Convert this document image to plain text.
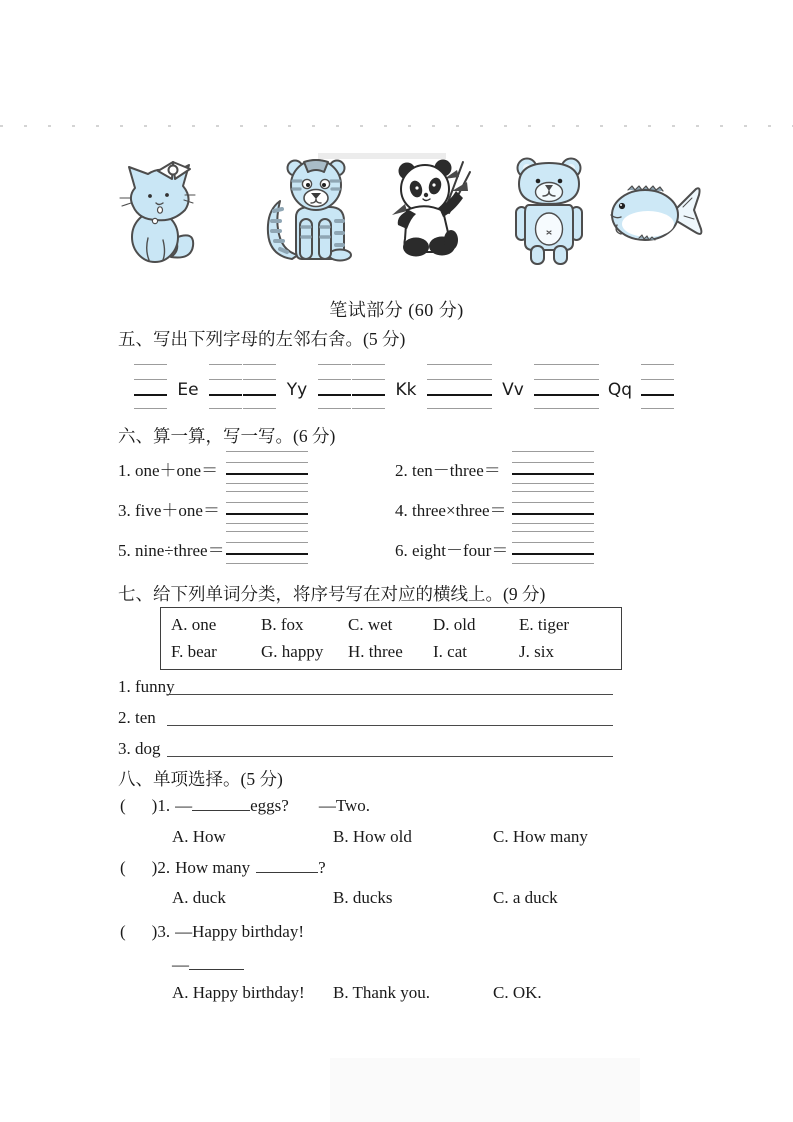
笔试部分 (60 分)
五、写出下列字母的左邻右舍。(5 分)
Ee	Yy	Kk	Vv	Qq
六、算一算，写一写。(6 分)
1. one＋one＝	2. ten－three＝
3. five＋one＝	4. three×three＝
5. nine÷three＝	6. eight－four＝
七、给下列单词分类，将序号写在对应的横线上。(9 分)
A. one	B. fox	C. wet	D. old	E. tiger
F. bear	G. happy	H. three	I. cat	J. six
1. funny
2. ten
3. dog
八、单项选择。(5 分)
( )1. —	eggs? —Two.
A. How	B. How old	C. How many
( )2. How many	?
A. duck	B. ducks	C. a duck
( )3. —Happy birthday!
—
A. Happy birthday! B. Thank you.	C. OK.
